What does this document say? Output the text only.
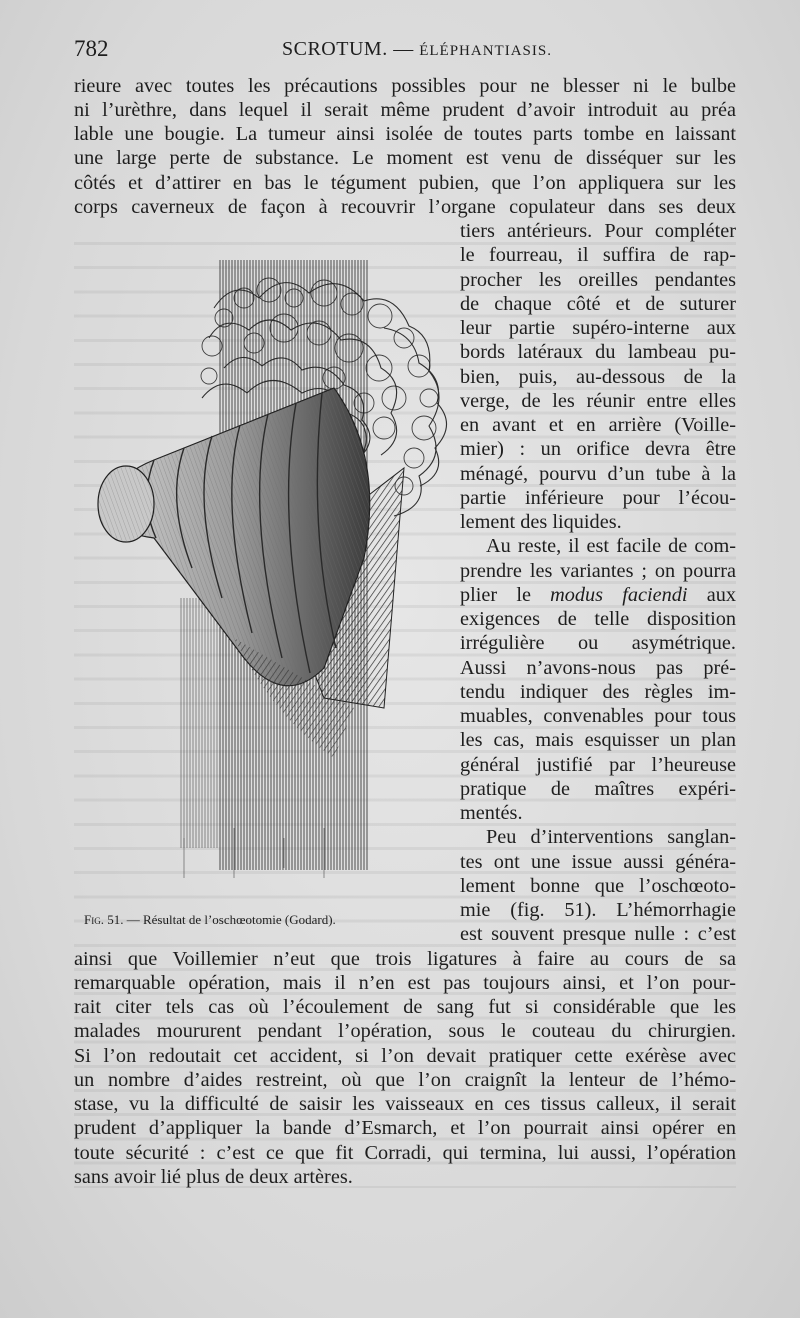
782	SCROTUM. — ÉLÉPHANTIASIS.
rieure avec toutes les précautions possibles pour ne blesser ni le bulbe
ni l’urèthre, dans lequel il serait même prudent d’avoir introduit au préa
lable une bougie. La tumeur ainsi isolée de toutes parts tombe en laissant
une large perte de substance. Le moment est venu de disséquer sur les
côtés et d’attirer en bas le tégument pubien, que l’on appliquera sur les
corps caverneux de façon à recouvrir l’organe copulateur dans ses deux
tiers antérieurs. Pour compléter
le fourreau, il suffira de rap-
procher les oreilles pendantes
de chaque côté et de suturer
leur partie supéro-interne aux
bords latéraux du lambeau pu-
bien, puis, au-dessous de la
verge, de les réunir entre elles
en avant et en arrière (Voille-
mier) : un orifice devra être
ménagé, pourvu d’un tube à la
partie inférieure pour l’écou-
lement des liquides.
Au reste, il est facile de com-
prendre les variantes ; on pourra
plier le modus faciendi aux
exigences de telle disposition
irrégulière ou asymétrique.
Aussi n’avons-nous pas pré-
tendu indiquer des règles im-
muables, convenables pour tous
les cas, mais esquisser un plan
général justifié par l’heureuse
pratique de maîtres expéri-
mentés.
Peu d’interventions sanglan-
tes ont une issue aussi généra-
lement bonne que l’oschœoto-
mie (fig. 51). L’hémorrhagie
est souvent presque nulle : c’est
ainsi que Voillemier n’eut que trois ligatures à faire au cours de sa
remarquable opération, mais il n’en est pas toujours ainsi, et l’on pour-
rait citer tels cas où l’écoulement de sang fut si considérable que les
malades moururent pendant l’opération, sous le couteau du chirurgien.
Si l’on redoutait cet accident, si l’on devait pratiquer cette exérèse avec
un nombre d’aides restreint, où que l’on craignît la lenteur de l’hémo-
stase, vu la difficulté de saisir les vaisseaux en ces tissus calleux, il serait
prudent d’appliquer la bande d’Esmarch, et l’on pourrait ainsi opérer en
toute sécurité : c’est ce que fit Corradi, qui termina, lui aussi, l’opération
sans avoir lié plus de deux artères.
Fig. 51. — Résultat de l’oschœotomie (Godard).
